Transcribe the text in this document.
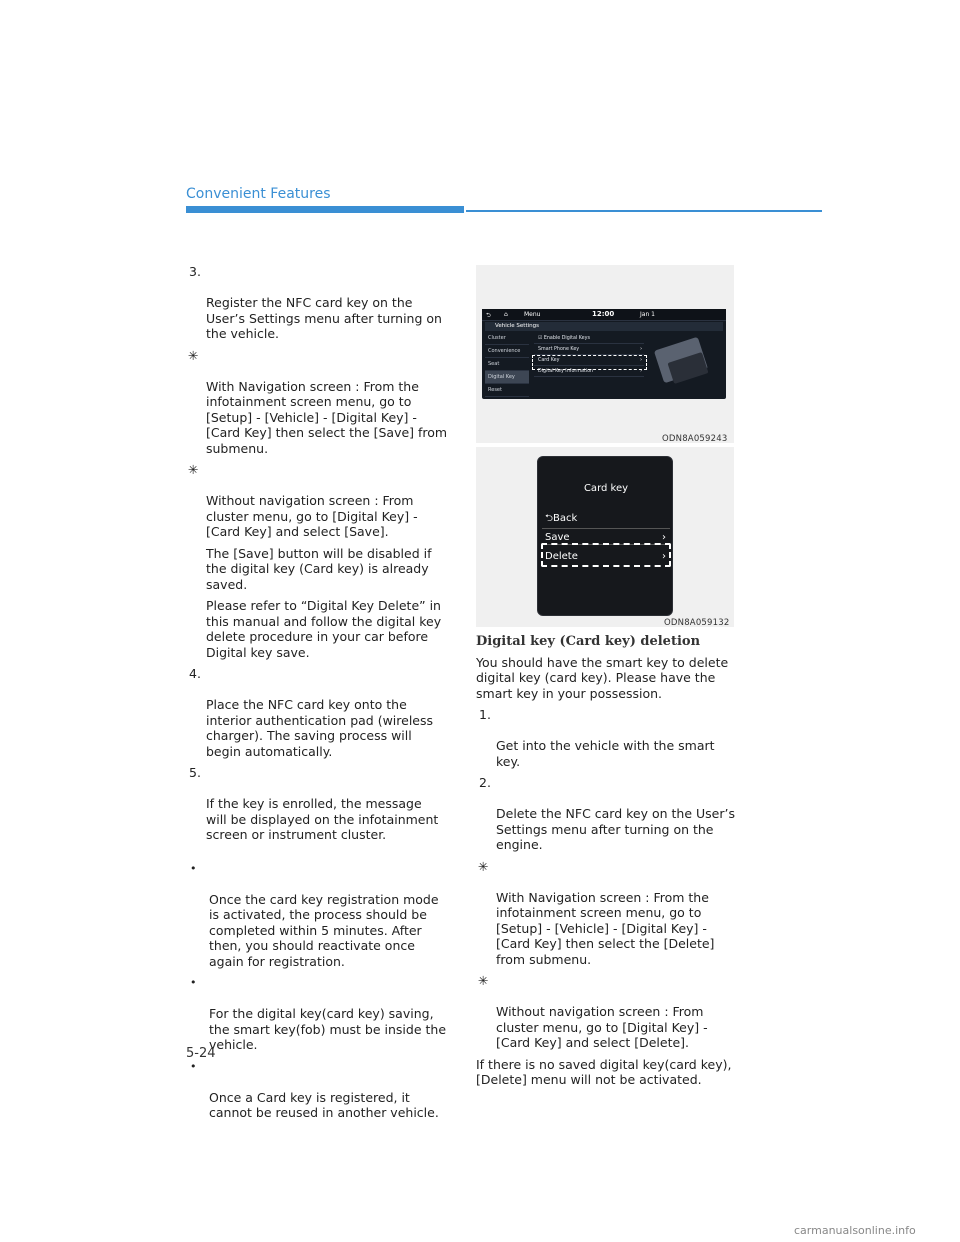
Convenient Features

3.

Register the NFC card key on the
User’s Settings menu after turning on
the vehicle.

✳

With Navigation screen : From the
infotainment screen menu, go to
[Setup] - [Vehicle] - [Digital Key] -
[Card Key] then select the [Save] from
submenu.

✳

Without navigation screen : From
cluster menu, go to [Digital Key] -
[Card Key] and select [Save].

The [Save] button will be disabled if
the digital key (Card key) is already
saved.
Please refer to “Digital Key Delete” in
this manual and follow the digital key
delete procedure in your car before
Digital key save.

4.

Place the NFC card key onto the
interior authentication pad (wireless
charger). The saving process will
begin automatically.

5.

If the key is enrolled, the message
will be displayed on the infotainment
screen or instrument cluster.

•

Once the card key registration mode
is activated, the process should be
completed within 5 minutes. After
then, you should reactivate once
again for registration.

•

For the digital key(card key) saving,
the smart key(fob) must be inside the
vehicle.

•

Once a Card key is registered, it
cannot be reused in another vehicle.

⮌ ⌂	Menu	12:00	Jan 1
Vehicle Settings
Cluster
Convenience
Seat
Digital Key
Reset
☑ Enable Digital Keys
Smart Phone Key	›
Card Key	›
Digital Key Information	›
ODN8A059243
Card key
⮌Back
Save	›
Delete	›
ODN8A059132
Digital key (Card key) deletion
You should have the smart key to delete
digital key (card key). Please have the
smart key in your possession.

1.

Get into the vehicle with the smart
key.

2.

Delete the NFC card key on the User’s
Settings menu after turning on the
engine.

✳

With Navigation screen : From the
infotainment screen menu, go to
[Setup] - [Vehicle] - [Digital Key] -
[Card Key] then select the [Delete]
from submenu.

✳

Without navigation screen : From
cluster menu, go to [Digital Key] -
[Card Key] and select [Delete].

If there is no saved digital key(card key),
[Delete] menu will not be activated.
5-24
carmanualsonline.info
